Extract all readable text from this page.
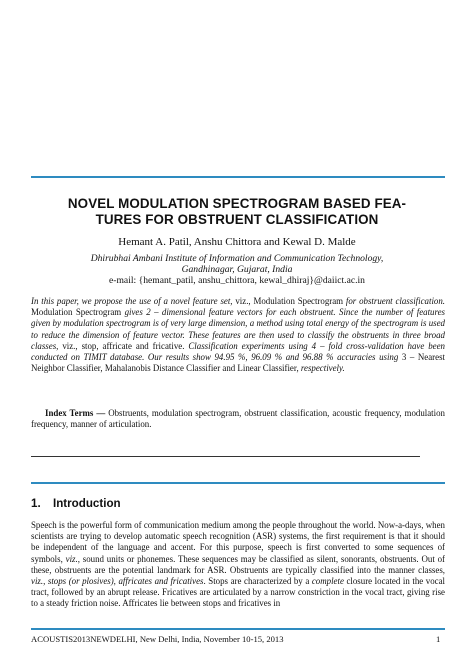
NOVEL MODULATION SPECTROGRAM BASED FEA-
TURES FOR OBSTRUENT CLASSIFICATION
Hemant A. Patil, Anshu Chittora and Kewal D. Malde
Dhirubhai Ambani Institute of Information and Communication Technology,
Gandhinagar, Gujarat, India
e-mail: {hemant_patil, anshu_chittora, kewal_dhiraj}@daiict.ac.in
In this paper, we propose the use of a novel feature set, viz., Modulation Spectrogram for obstruent classification. Modulation Spectrogram gives 2 – dimensional feature vectors for each obstruent. Since the number of features given by modulation spectrogram is of very large dimension, a method using total energy of the spectrogram is used to reduce the dimension of feature vector. These features are then used to classify the obstruents in three broad classes, viz., stop, affricate and fricative. Classification experiments using 4 – fold cross-validation have been conducted on TIMIT database. Our results show 94.95 %, 96.09 % and 96.88 % accuracies using 3 – Nearest Neighbor Classifier, Mahalanobis Distance Classifier and Linear Classifier, respectively.
Index Terms — Obstruents, modulation spectrogram, obstruent classification, acoustic frequency, modulation frequency, manner of articulation.
1. Introduction
Speech is the powerful form of communication medium among the people throughout the world. Now-a-days, when scientists are trying to develop automatic speech recognition (ASR) systems, the first requirement is that it should be independent of the language and accent. For this purpose, speech is first converted to some sequences of symbols, viz., sound units or phonemes. These sequences may be classified as silent, sonorants, obstruents. Out of these, obstruents are the potential landmark for ASR. Obstruents are typically classified into the manner classes, viz., stops (or plosives), affricates and fricatives. Stops are characterized by a complete closure located in the vocal tract, followed by an abrupt release. Fricatives are articulated by a narrow constriction in the vocal tract, giving rise to a steady friction noise. Affricates lie between stops and fricatives in
ACOUSTIS2013NEWDELHI, New Delhi, India, November 10-15, 2013	1
